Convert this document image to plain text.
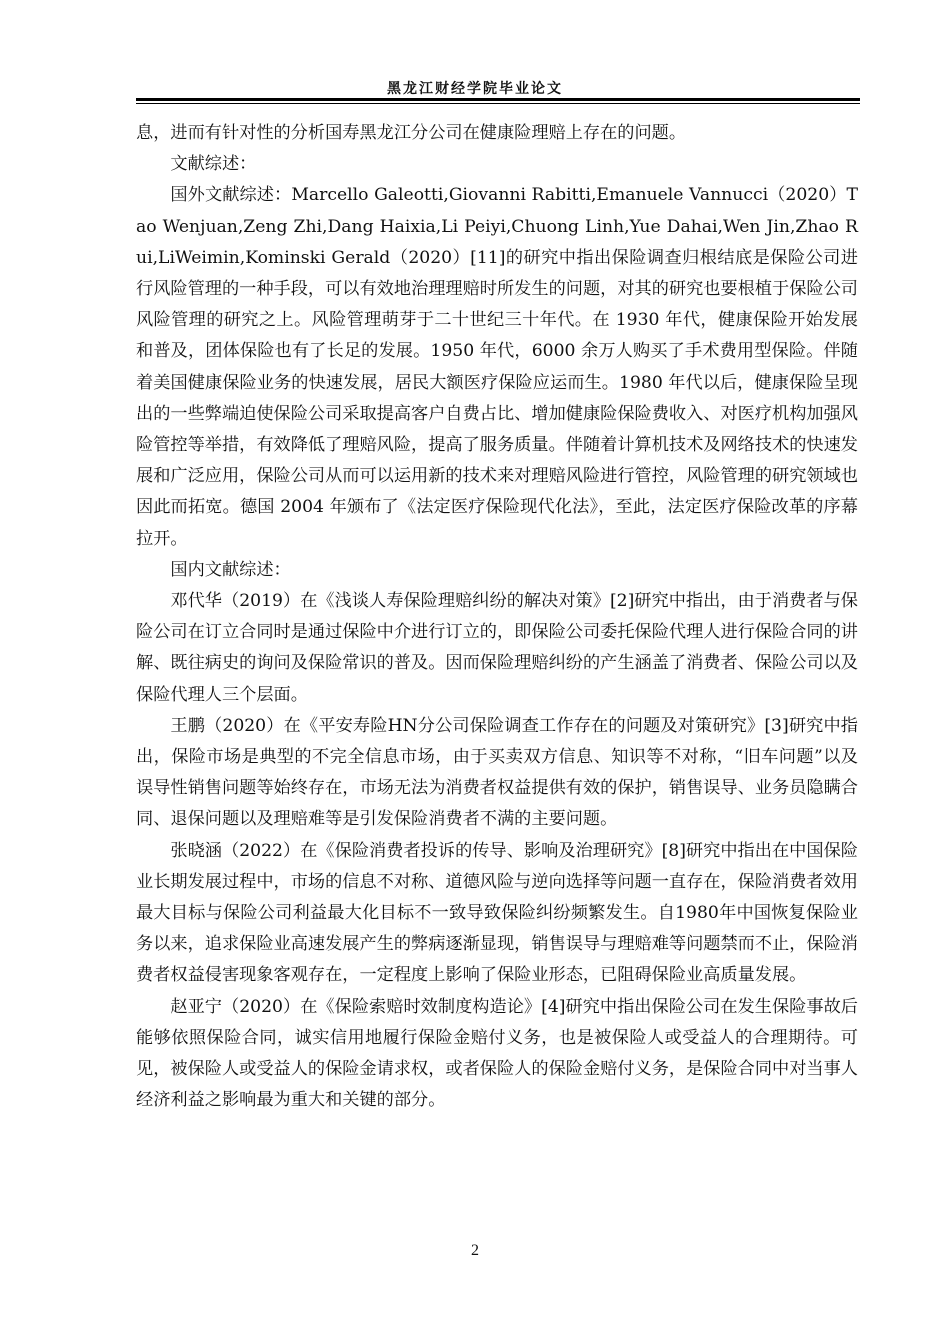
黑龙江财经学院毕业论文

息，进而有针对性的分析国寿黑龙江分公司在健康险理赔上存在的问题。

文献综述：

国外文献综述：Marcello Galeotti,Giovanni Rabitti,Emanuele Vannucci（2020）Tao Wenjuan,Zeng Zhi,Dang Haixia,Li Peiyi,Chuong Linh,Yue Dahai,Wen Jin,Zhao Rui,LiWeimin,Kominski Gerald（2020）[11]的研究中指出保险调查归根结底是保险公司进行风险管理的一种手段，可以有效地治理理赔时所发生的问题，对其的研究也要根植于保险公司风险管理的研究之上。风险管理萌芽于二十世纪三十年代。在 1930 年代，健康保险开始发展和普及，团体保险也有了长足的发展。1950 年代，6000 余万人购买了手术费用型保险。伴随着美国健康保险业务的快速发展，居民大额医疗保险应运而生。1980 年代以后，健康保险呈现出的一些弊端迫使保险公司采取提高客户自费占比、增加健康险保险费收入、对医疗机构加强风险管控等举措，有效降低了理赔风险，提高了服务质量。伴随着计算机技术及网络技术的快速发展和广泛应用，保险公司从而可以运用新的技术来对理赔风险进行管控，风险管理的研究领域也因此而拓宽。德国 2004 年颁布了《法定医疗保险现代化法》，至此，法定医疗保险改革的序幕拉开。

国内文献综述：

邓代华（2019）在《浅谈人寿保险理赔纠纷的解决对策》[2]研究中指出，由于消费者与保险公司在订立合同时是通过保险中介进行订立的，即保险公司委托保险代理人进行保险合同的讲解、既往病史的询问及保险常识的普及。因而保险理赔纠纷的产生涵盖了消费者、保险公司以及保险代理人三个层面。

王鹏（2020）在《平安寿险HN分公司保险调查工作存在的问题及对策研究》[3]研究中指出，保险市场是典型的不完全信息市场，由于买卖双方信息、知识等不对称，“旧车问题”以及误导性销售问题等始终存在，市场无法为消费者权益提供有效的保护，销售误导、业务员隐瞒合同、退保问题以及理赔难等是引发保险消费者不满的主要问题。

张晓涵（2022）在《保险消费者投诉的传导、影响及治理研究》[8]研究中指出在中国保险业长期发展过程中，市场的信息不对称、道德风险与逆向选择等问题一直存在，保险消费者效用最大目标与保险公司利益最大化目标不一致导致保险纠纷频繁发生。自1980年中国恢复保险业务以来，追求保险业高速发展产生的弊病逐渐显现，销售误导与理赔难等问题禁而不止，保险消费者权益侵害现象客观存在，一定程度上影响了保险业形态，已阻碍保险业高质量发展。

赵亚宁（2020）在《保险索赔时效制度构造论》[4]研究中指出保险公司在发生保险事故后能够依照保险合同，诚实信用地履行保险金赔付义务，也是被保险人或受益人的合理期待。可见，被保险人或受益人的保险金请求权，或者保险人的保险金赔付义务，是保险合同中对当事人经济利益之影响最为重大和关键的部分。

2
